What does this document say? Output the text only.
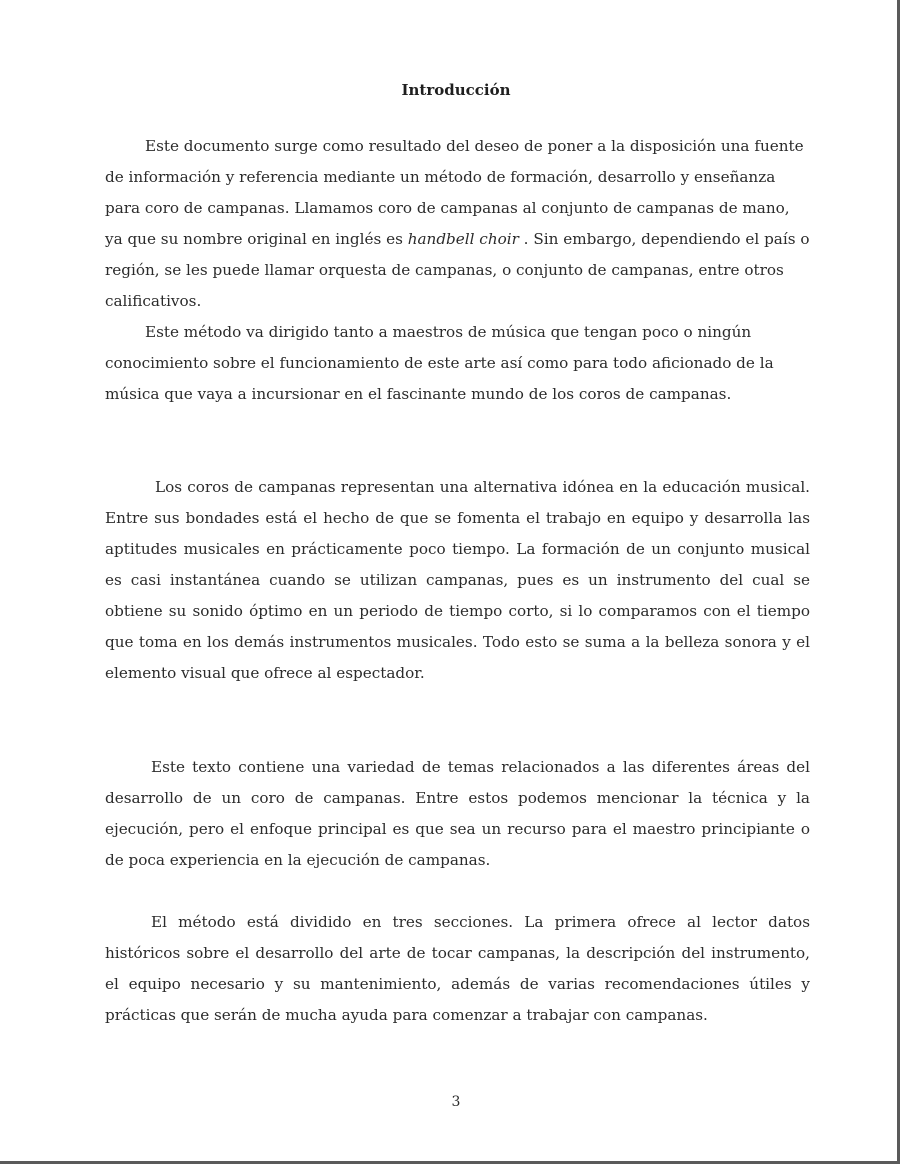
Introducción

Este documento surge como resultado del deseo de poner a la disposición una fuente de información y referencia mediante un método de formación, desarrollo y enseñanza para coro de campanas. Llamamos coro de campanas al conjunto de campanas de mano, ya que su nombre original en inglés es handbell choir . Sin embargo, dependiendo el país o región, se les puede llamar orquesta de campanas, o conjunto de campanas, entre otros calificativos.

Este método va dirigido tanto a maestros de música que tengan poco o ningún conocimiento sobre el funcionamiento de este arte así como para todo aficionado de la música que vaya a incursionar en el fascinante mundo de los coros de campanas.

Los coros de campanas representan una alternativa idónea en la educación musical. Entre sus bondades está el hecho de que se fomenta el trabajo en equipo y desarrolla las aptitudes musicales en prácticamente poco tiempo. La formación de un conjunto musical es casi instantánea cuando se utilizan campanas, pues es un instrumento del cual se obtiene su sonido óptimo en un periodo de tiempo corto, si lo comparamos con el tiempo que toma en los demás instrumentos musicales. Todo esto se suma a la belleza sonora y el elemento visual que ofrece al espectador.

Este texto contiene una variedad de temas relacionados a las diferentes áreas del desarrollo de un coro de campanas. Entre estos podemos mencionar la técnica y la ejecución, pero el enfoque principal es que sea un recurso para el maestro principiante o de poca experiencia en la ejecución de campanas.

El método está dividido en tres secciones. La primera ofrece al lector datos históricos sobre el desarrollo del arte de tocar campanas, la descripción del instrumento, el equipo necesario y su mantenimiento, además de varias recomendaciones útiles y prácticas que serán de mucha ayuda para comenzar a trabajar con campanas.

3
